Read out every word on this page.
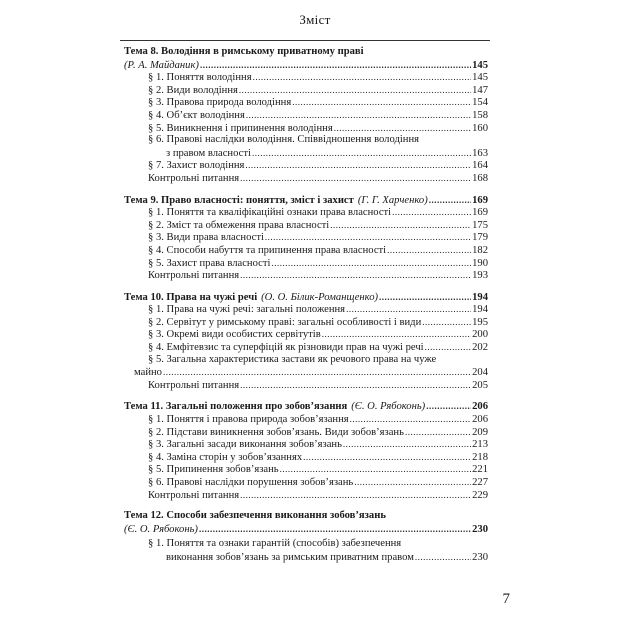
Зміст
Тема 8. Володіння в римському приватному праві
(Р. А. Майданик) .....	145
§ 1. Поняття володіння .....	145
§ 2. Види володіння .....	147
§ 3. Правова природа володіння .....	154
§ 4. Об’єкт володіння .....	158
§ 5. Виникнення і припинення володіння .....	160
§ 6. Правові наслідки володіння. Співвідношення володіння
з правом власності .....	163
§ 7. Захист володіння .....	164
Контрольні питання .....	168
Тема 9. Право власності: поняття, зміст і захист (Г. Г. Харченко) .....	169
§ 1. Поняття та кваліфікаційні ознаки права власності .....	169
§ 2. Зміст та обмеження права власності .....	175
§ 3. Види права власності .....	179
§ 4. Способи набуття та припинення права власності .....	182
§ 5. Захист права власності .....	190
Контрольні питання .....	193
Тема 10. Права на чужі речі (О. О. Білик-Романщенко) .....	194
§ 1. Права на чужі речі: загальні положення .....	194
§ 2. Сервітут у римському праві: загальні особливості і види .....	195
§ 3. Окремі види особистих сервітутів .....	200
§ 4. Емфітевзис та суперфіцій як різновиди прав на чужі речі .....	202
§ 5. Загальна характеристика застави як речового права на чуже
майно .....	204
Контрольні питання .....	205
Тема 11. Загальні положення про зобов’язання (Є. О. Рябоконь) .....	206
§ 1. Поняття і правова природа зобов’язання .....	206
§ 2. Підстави виникнення зобов’язань. Види зобов’язань .....	209
§ 3. Загальні засади виконання зобов’язань .....	213
§ 4. Заміна сторін у зобов’язаннях .....	218
§ 5. Припинення зобов’язань .....	221
§ 6. Правові наслідки порушення зобов’язань .....	227
Контрольні питання .....	229
Тема 12. Способи забезпечення виконання зобов’язань
(Є. О. Рябоконь) .....	230
§ 1. Поняття та ознаки гарантій (способів) забезпечення
виконання зобов’язань за римським приватним правом .....	230
7
